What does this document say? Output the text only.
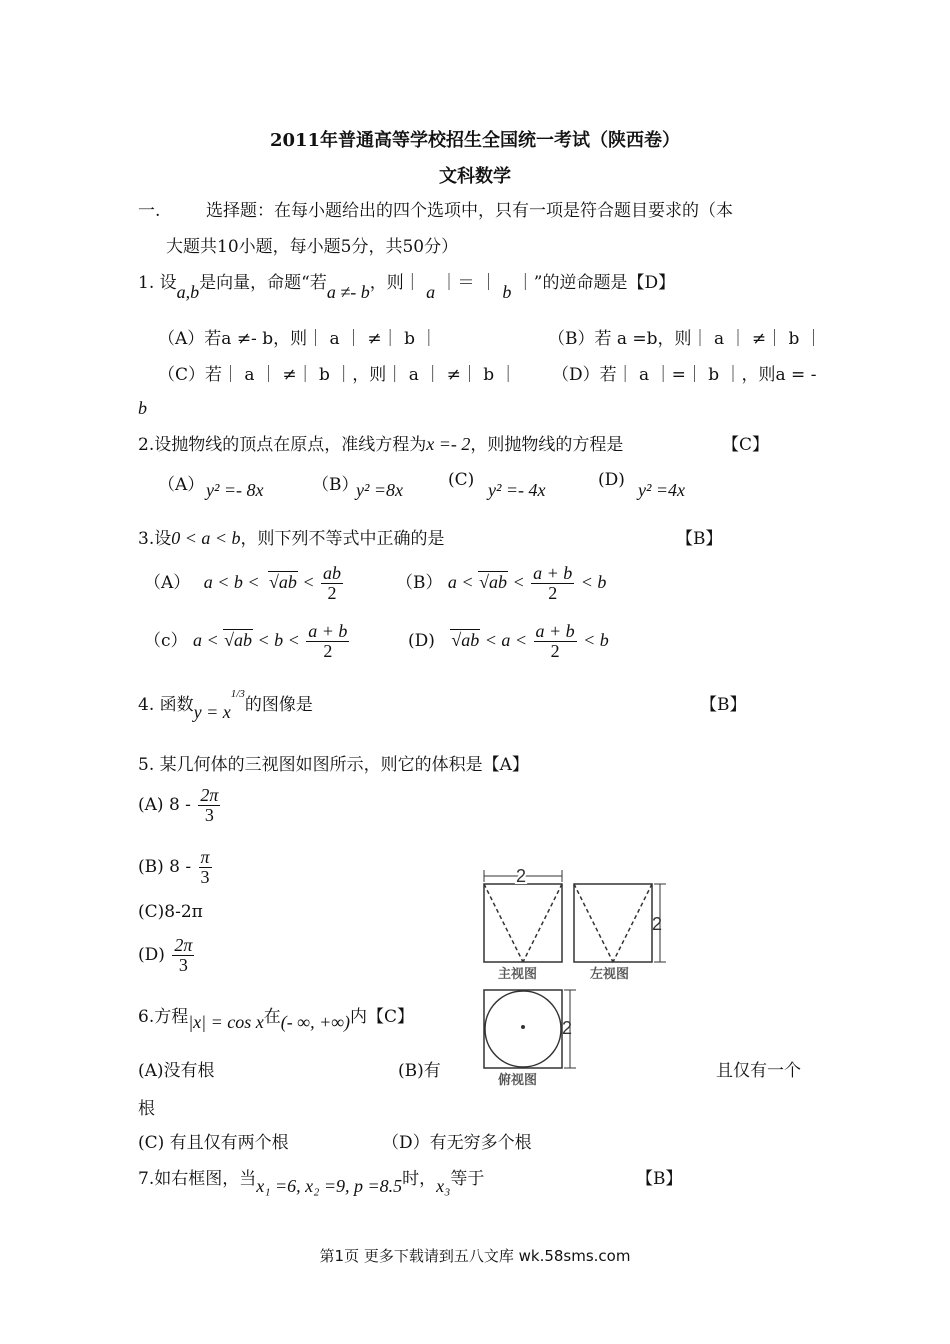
2011年普通高等学校招生全国统一考试（陕西卷）
文科数学
一.	选择题：在每小题给出的四个选项中，只有一项是符合题目要求的（本
大题共10小题，每小题5分，共50分）
1. 设a,b是向量，命题“若a ≠- b，则｜ a ｜＝ ｜ b ｜”的逆命题是【D】
（A）若a ≠- b，则｜ a ｜ ≠｜ b ｜	（B）若 a =b，则｜ a ｜ ≠｜ b ｜
（C）若｜ a ｜ ≠｜ b ｜，则｜ a ｜ ≠｜ b ｜ （D）若｜ a ｜=｜ b ｜，则a = -
b
2.设抛物线的顶点在原点，准线方程为x =- 2，则抛物线的方程是	【C】
（A） y² =- 8x	（B）
y² =8x	(C) y² =- 4x	(D) y² =4x
3.设0 < a < b，则下列不等式中正确的是	【B】
（A） $a < b < √ab < \frac{ab}{2}$	（B） $a < √ab < \frac{a + b}{2} < b$
（c） $a < √ab < b < \frac{a + b}{2}$	(D) $√ab < a < \frac{a + b}{2} < b$
4. 函数$y = x^{1/3}$的图像是	【B】
5. 某几何体的三视图如图所示，则它的体积是【A】
(A) $8 - \frac{2\pi}{3}$
(B) $8 - \frac{\pi}{3}$
(C)8-2π
$(D) \frac{2\pi}{3}$
2
2
2
主视图	左视图
俯视图
6.方程|x| = cos x在(- ∞, +∞)内【C】
(A)没有根	(B)有	且仅有一个
根
(C) 有且仅有两个根	（D）有无穷多个根
7.如右框图，当x₁ =6, x₂ =9, p =8.5时，x₃等于	【B】
第1页 更多下载请到五八文库 wk.58sms.com
